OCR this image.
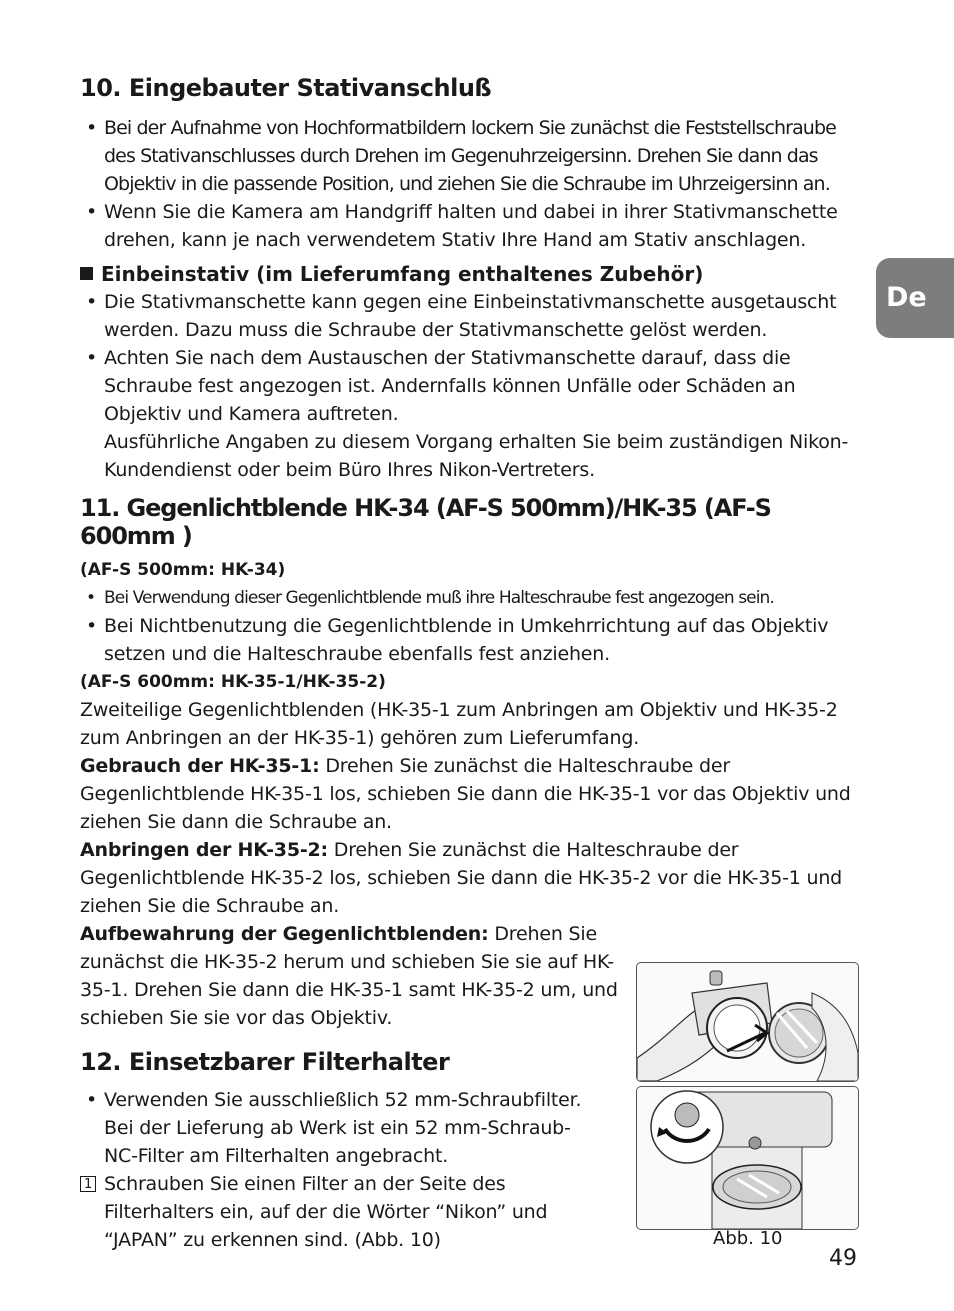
De
10. Eingebauter Stativanschluß
• Bei der Aufnahme von Hochformatbildern lockern Sie zunächst die Feststellschraube des Stativanschlusses durch Drehen im Gegenuhrzeigersinn. Drehen Sie dann das Objektiv in die passende Position, und ziehen Sie die Schraube im Uhrzeigersinn an.
• Wenn Sie die Kamera am Handgriff halten und dabei in ihrer Stativmanschette drehen, kann je nach verwendetem Stativ Ihre Hand am Stativ anschlagen.
Einbeinstativ (im Lieferumfang enthaltenes Zubehör)
• Die Stativmanschette kann gegen eine Einbeinstativmanschette ausgetauscht werden. Dazu muss die Schraube der Stativmanschette gelöst werden.
• Achten Sie nach dem Austauschen der Stativmanschette darauf, dass die Schraube fest angezogen ist. Andernfalls können Unfälle oder Schäden an Objektiv und Kamera auftreten.
Ausführliche Angaben zu diesem Vorgang erhalten Sie beim zuständigen Nikon-Kundendienst oder beim Büro Ihres Nikon-Vertreters.
11. Gegenlichtblende HK-34 (AF-S 500mm)/HK-35 (AF-S 600mm )
(AF-S 500mm: HK-34)
• Bei Verwendung dieser Gegenlichtblende muß ihre Halteschraube fest angezogen sein.
• Bei Nichtbenutzung die Gegenlichtblende in Umkehrrichtung auf das Objektiv setzen und die Halteschraube ebenfalls fest anziehen.
(AF-S 600mm: HK-35-1/HK-35-2)

Zweiteilige Gegenlichtblenden (HK-35-1 zum Anbringen am Objektiv und HK-35-2 zum Anbringen an der HK-35-1) gehören zum Lieferumfang.

Gebrauch der HK-35-1: Drehen Sie zunächst die Halteschraube der Gegenlichtblende HK-35-1 los, schieben Sie dann die HK-35-1 vor das Objektiv und ziehen Sie dann die Schraube an.

Anbringen der HK-35-2: Drehen Sie zunächst die Halteschraube der Gegenlichtblende HK-35-2 los, schieben Sie dann die HK-35-2 vor die HK-35-1 und ziehen Sie die Schraube an.

Aufbewahrung der Gegenlichtblenden: Drehen Sie zunächst die HK-35-2 herum und schieben Sie sie auf HK-35-1. Drehen Sie dann die HK-35-1 samt HK-35-2 um, und schieben Sie sie vor das Objektiv.

12. Einsetzbarer Filterhalter
• Verwenden Sie ausschließlich 52 mm-Schraubfilter. Bei der Lieferung ab Werk ist ein 52 mm-Schraub-NC-Filter am Filterhalten angebracht.
1 Schrauben Sie einen Filter an der Seite des Filterhalters ein, auf der die Wörter “Nikon” und “JAPAN” zu erkennen sind. (Abb. 10)	Abb. 10
49
